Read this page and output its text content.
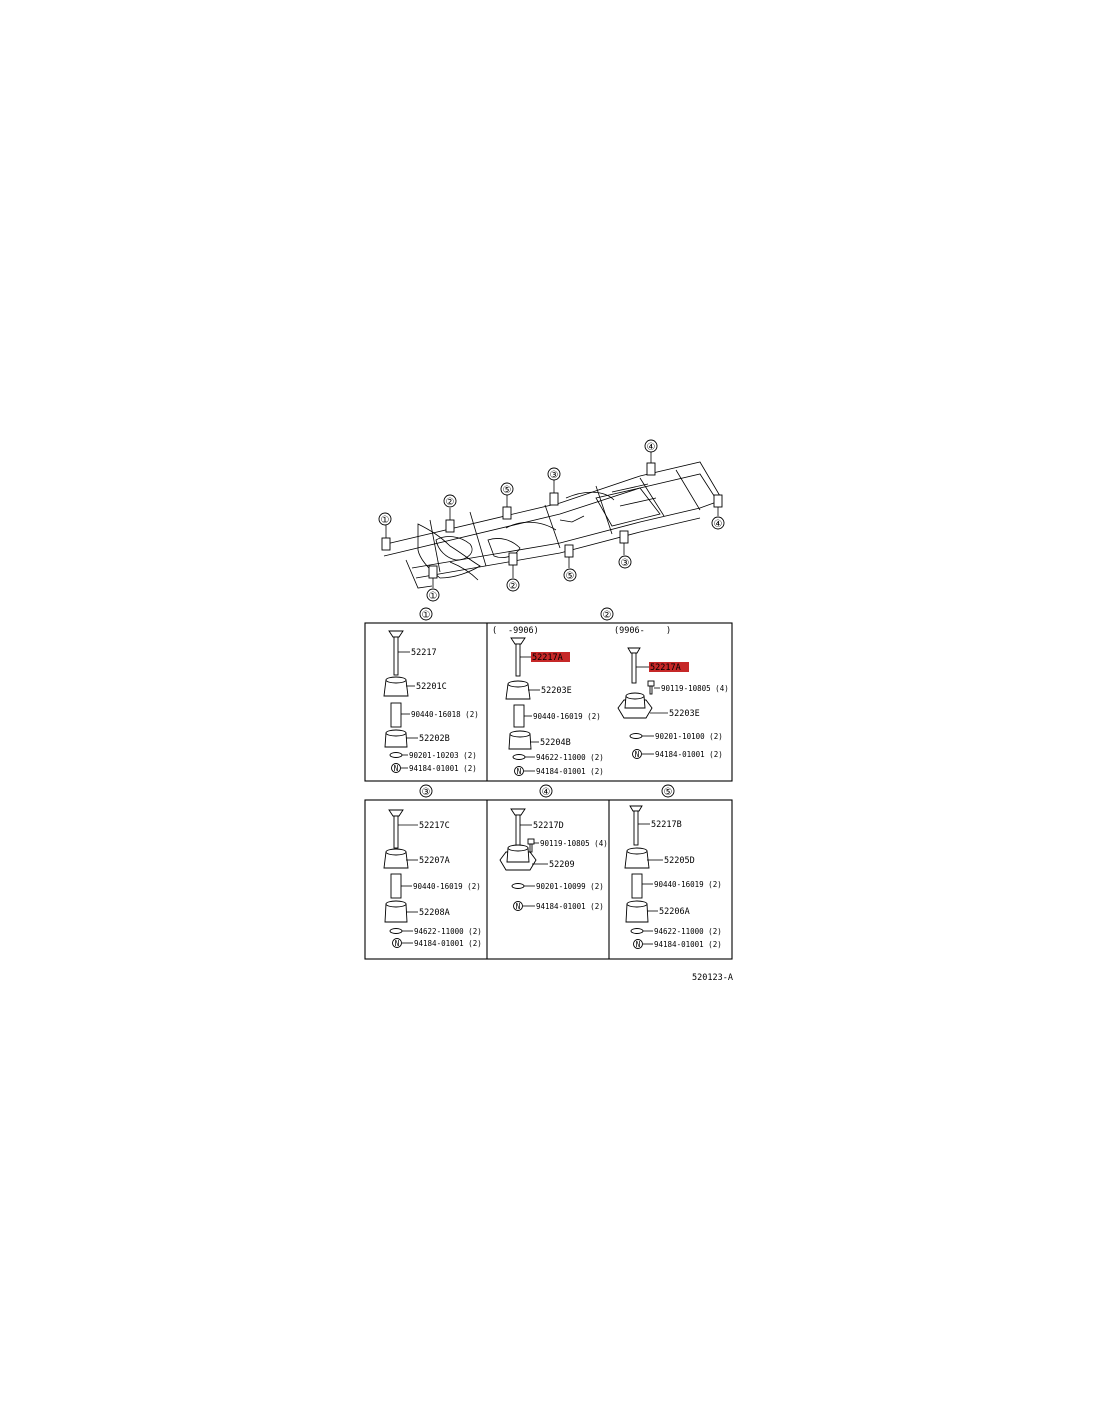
①
①
②
②
③
③
④
④
⑤
⑤
①	②
52217
52201C
90440-16018 (2)
52202B
90201-10203 (2)
N 94184-01001 (2)
( -9906)
52217A
52203E
90440-16019 (2)
52204B
94622-11000 (2)
N 94184-01001 (2)
(9906-	)
52217A
90119-10805 (4)
52203E
90201-10100 (2)
N 94184-01001 (2)
③	④	⑤
52217C
52207A
90440-16019 (2)
52208A
94622-11000 (2)
N 94184-01001 (2)
52217D
90119-10805 (4)
52209
90201-10099 (2)
N 94184-01001 (2)
52217B
52205D
90440-16019 (2)
52206A
94622-11000 (2)
N 94184-01001 (2)
520123-A
